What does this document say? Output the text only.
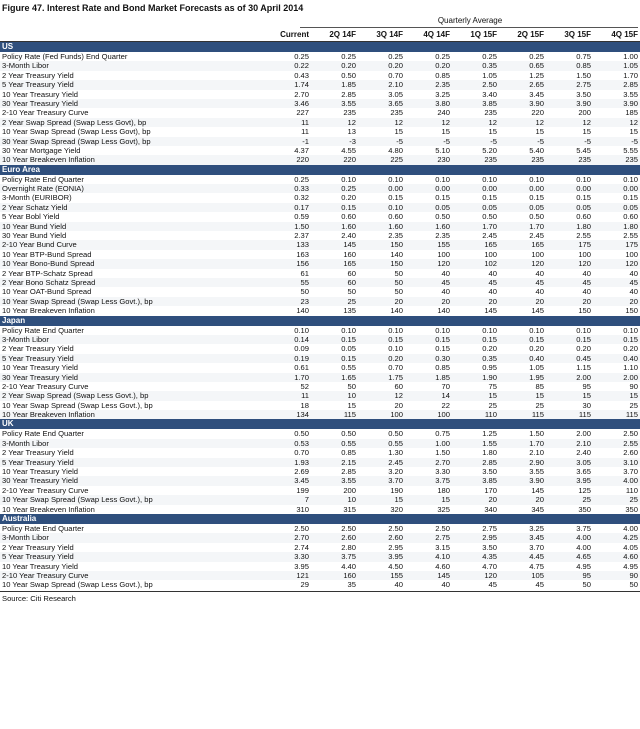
Figure 47. Interest Rate and Bond Market Forecasts as of 30 April 2014
Quarterly Average
Current	2Q 14F	3Q 14F	4Q 14F	1Q 15F	2Q 15F	3Q 15F	4Q 15F
US
Policy Rate (Fed Funds) End Quarter	0.25	0.25	0.25	0.25	0.25	0.25	0.75	1.00
3-Month Libor	0.22	0.20	0.20	0.20	0.35	0.65	0.85	1.05
2 Year Treasury Yield	0.43	0.50	0.70	0.85	1.05	1.25	1.50	1.70
5 Year Treasury Yield	1.74	1.85	2.10	2.35	2.50	2.65	2.75	2.85
10 Year Treasury Yield	2.70	2.85	3.05	3.25	3.40	3.45	3.50	3.55
30 Year Treasury Yield	3.46	3.55	3.65	3.80	3.85	3.90	3.90	3.90
2-10 Year Treasury Curve	227	235	235	240	235	220	200	185
2 Year Swap Spread (Swap Less Govt), bp	11	12	12	12	12	12	12	12
10 Year Swap Spread (Swap Less Govt), bp	11	13	15	15	15	15	15	15
30 Year Swap Spread (Swap Less Govt), bp	-1	-3	-5	-5	-5	-5	-5	-5
30 Year Mortgage Yield	4.37	4.55	4.80	5.10	5.20	5.40	5.45	5.55
10 Year Breakeven Inflation	220	220	225	230	235	235	235	235
Euro Area
Policy Rate End Quarter	0.25	0.10	0.10	0.10	0.10	0.10	0.10	0.10
Overnight Rate (EONIA)	0.33	0.25	0.00	0.00	0.00	0.00	0.00	0.00
3-Month (EURIBOR)	0.32	0.20	0.15	0.15	0.15	0.15	0.15	0.15
2 Year Schatz Yield	0.17	0.15	0.10	0.05	0.05	0.05	0.05	0.05
5 Year Bobl Yield	0.59	0.60	0.60	0.50	0.50	0.50	0.60	0.60
10 Year Bund Yield	1.50	1.60	1.60	1.60	1.70	1.70	1.80	1.80
30 Year Bund Yield	2.37	2.40	2.35	2.35	2.45	2.45	2.55	2.55
2-10 Year Bund Curve	133	145	150	155	165	165	175	175
10 Year BTP-Bund Spread	163	160	140	100	100	100	100	100
10 Year Bono-Bund Spread	156	165	150	120	102	120	120	120
2 Year BTP-Schatz Spread	61	60	50	40	40	40	40	40
2 Year Bono Schatz Spread	55	60	50	45	45	45	45	45
10 Year OAT-Bund Spread	50	50	50	40	40	40	40	40
10 Year Swap Spread (Swap Less Govt.), bp	23	25	20	20	20	20	20	20
10 Year Breakeven Inflation	140	135	140	140	145	145	150	150
Japan
Policy Rate End Quarter	0.10	0.10	0.10	0.10	0.10	0.10	0.10	0.10
3-Month Libor	0.14	0.15	0.15	0.15	0.15	0.15	0.15	0.15
2 Year Treasury Yield	0.09	0.05	0.10	0.15	0.20	0.20	0.20	0.20
5 Year Treasury Yield	0.19	0.15	0.20	0.30	0.35	0.40	0.45	0.40
10 Year Treasury Yield	0.61	0.55	0.70	0.85	0.95	1.05	1.15	1.10
30 Year Treasury Yield	1.70	1.65	1.75	1.85	1.90	1.95	2.00	2.00
2-10 Year Treasury Curve	52	50	60	70	75	85	95	90
2 Year Swap Spread (Swap Less Govt.), bp	11	10	12	14	15	15	15	15
10 Year Swap Spread (Swap Less Govt.), bp	18	15	20	22	25	25	30	25
10 Year Breakeven Inflation	134	115	100	100	110	115	115	115
UK
Policy Rate End Quarter	0.50	0.50	0.50	0.75	1.25	1.50	2.00	2.50
3-Month Libor	0.53	0.55	0.55	1.00	1.55	1.70	2.10	2.55
2 Year Treasury Yield	0.70	0.85	1.30	1.50	1.80	2.10	2.40	2.60
5 Year Treasury Yield	1.93	2.15	2.45	2.70	2.85	2.90	3.05	3.10
10 Year Treasury Yield	2.69	2.85	3.20	3.30	3.50	3.55	3.65	3.70
30 Year Treasury Yield	3.45	3.55	3.70	3.75	3.85	3.90	3.95	4.00
2-10 Year Treasury Curve	199	200	190	180	170	145	125	110
10 Year Swap Spread (Swap Less Govt.), bp	7	10	15	15	20	20	25	25
10 Year Breakeven Inflation	310	315	320	325	340	345	350	350
Australia
Policy Rate End Quarter	2.50	2.50	2.50	2.50	2.75	3.25	3.75	4.00
3-Month Libor	2.70	2.60	2.60	2.75	2.95	3.45	4.00	4.25
2 Year Treasury Yield	2.74	2.80	2.95	3.15	3.50	3.70	4.00	4.05
5 Year Treasury Yield	3.30	3.75	3.95	4.10	4.35	4.45	4.65	4.60
10 Year Treasury Yield	3.95	4.40	4.50	4.60	4.70	4.75	4.95	4.95
2-10 Year Treasury Curve	121	160	155	145	120	105	95	90
10 Year Swap Spread (Swap Less Govt.), bp	29	35	40	40	45	45	50	50
Source: Citi Research
